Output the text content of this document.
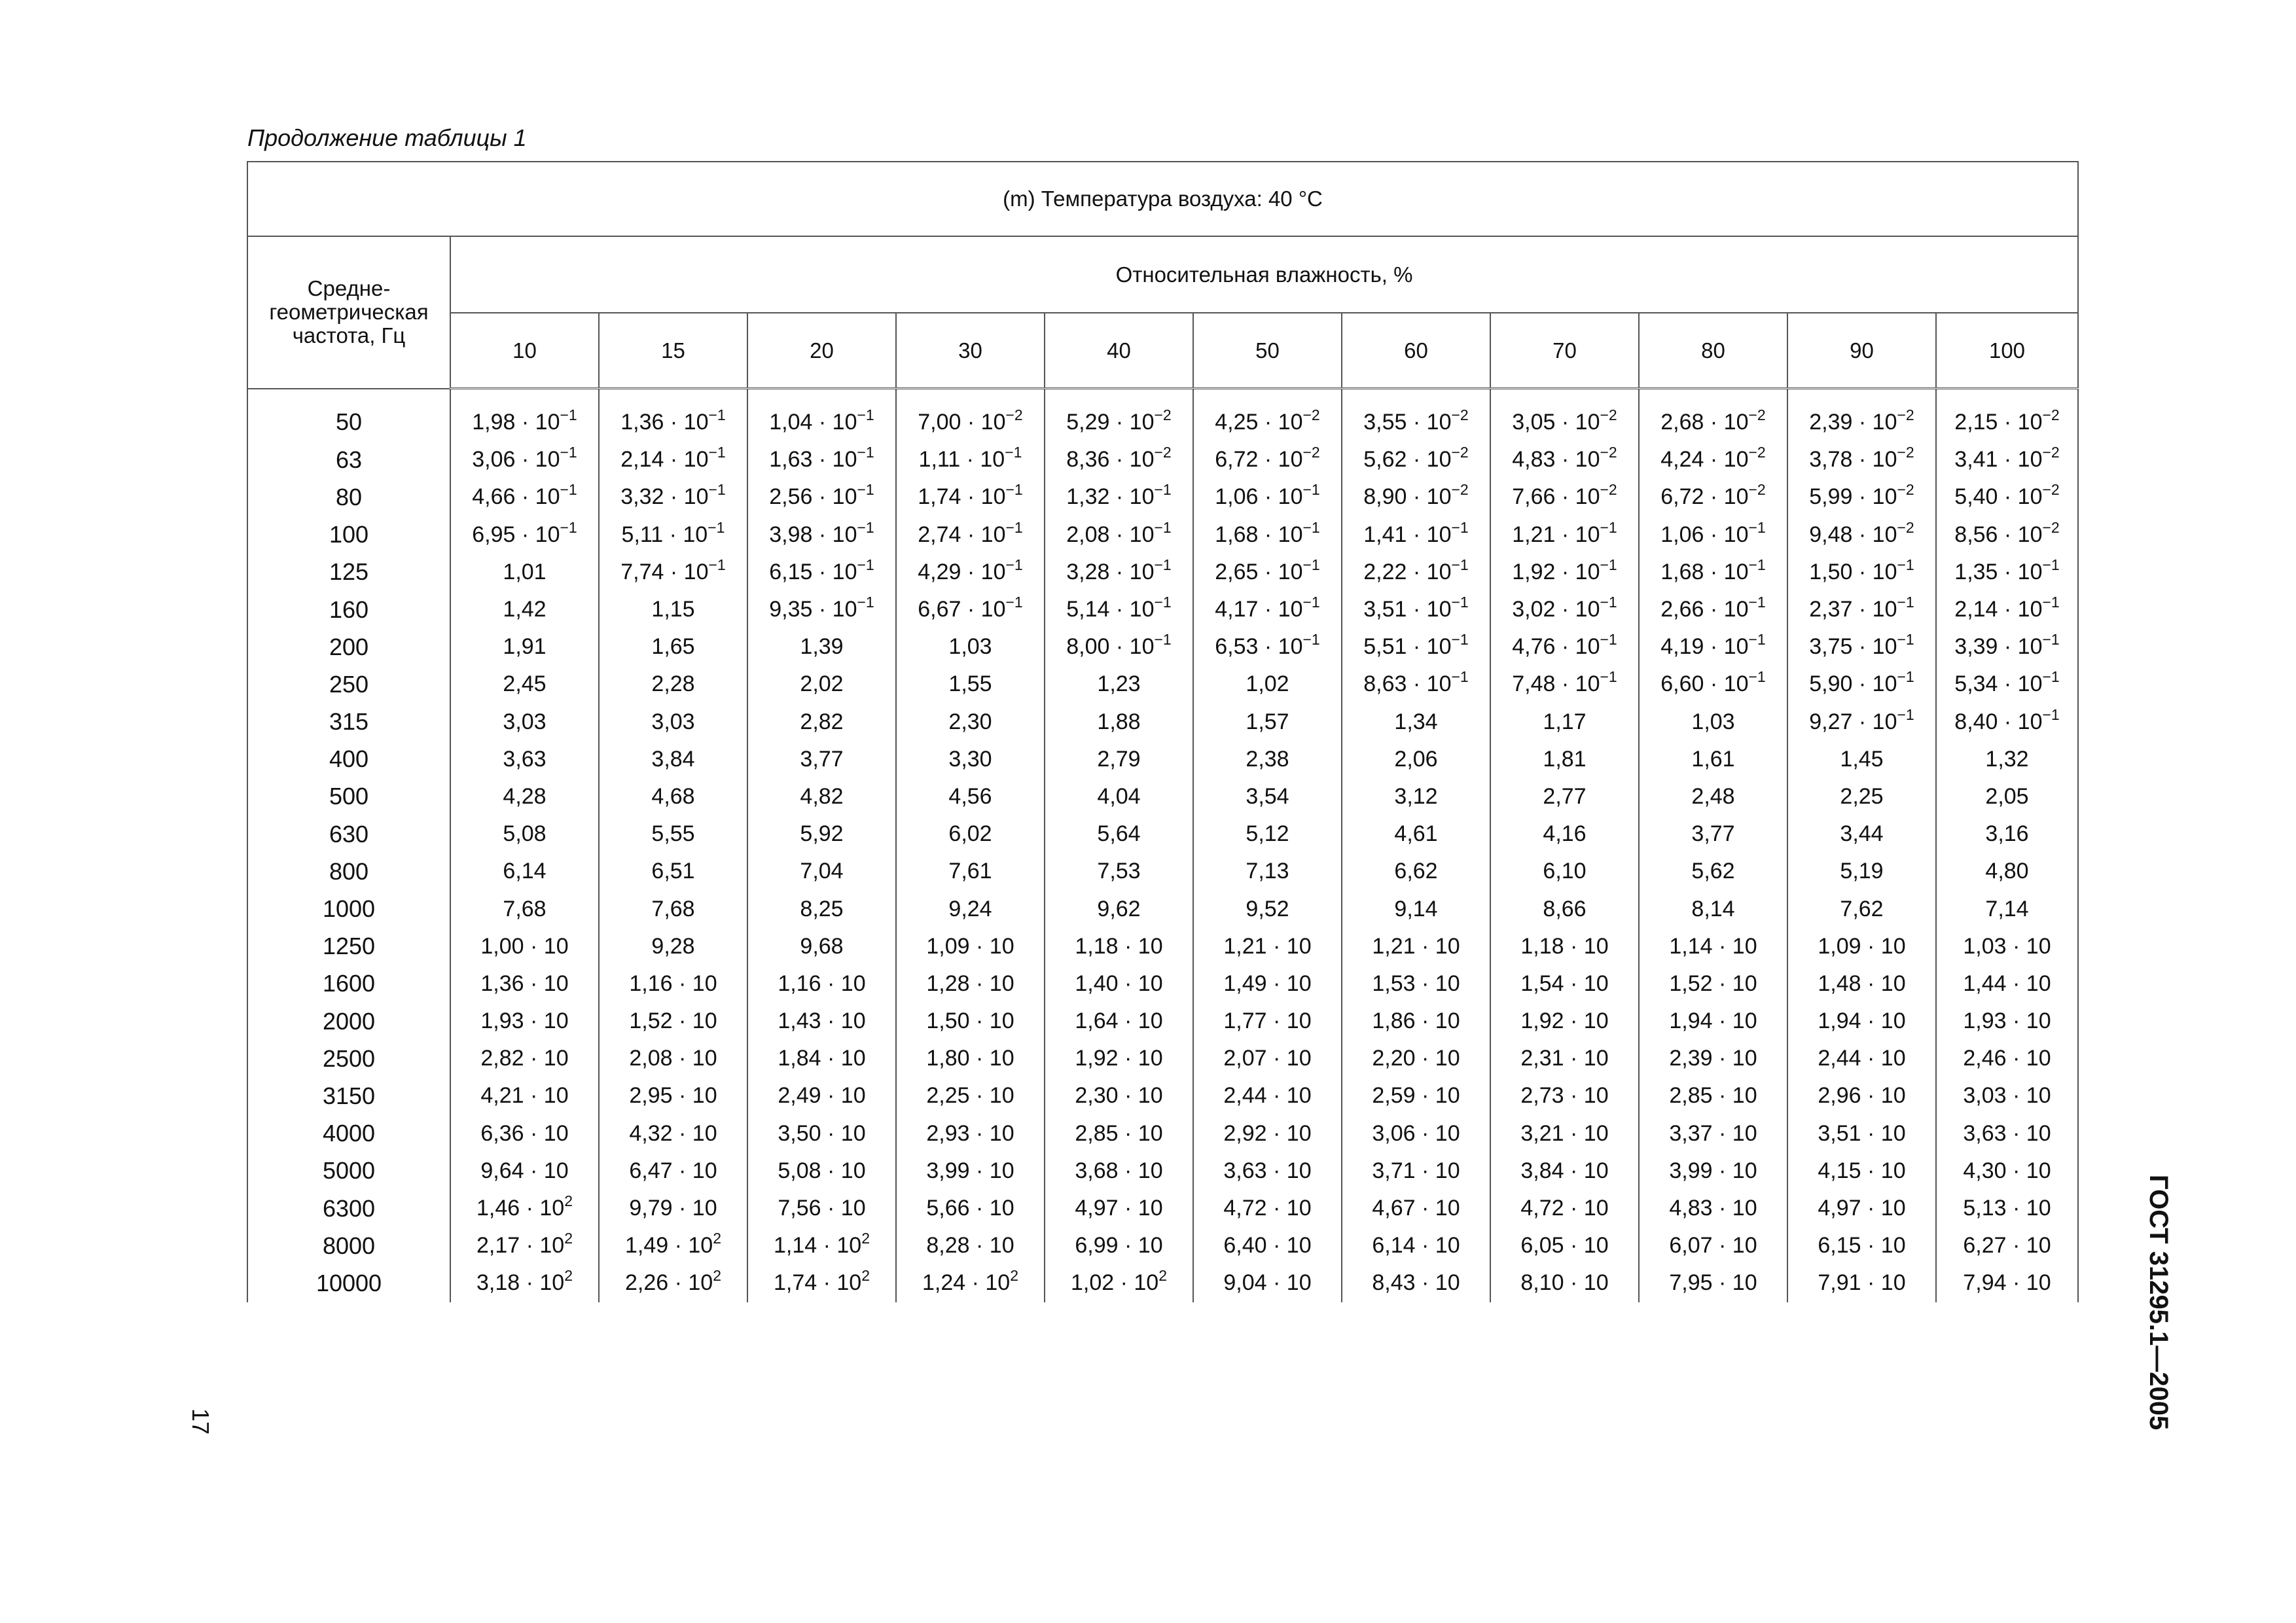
Продолжение таблицы 1

(m) Температура воздуха: 40 °С											
Средне-
геометрическая
частота, Гц	Относительная влажность, %										
	10	15	20	30	40	50	60	70	80	90	100
50	$1,98 \cdot 10^{-1}$	$1,36 \cdot 10^{-1}$	$1,04 \cdot 10^{-1}$	$7,00 \cdot 10^{-2}$	$5,29 \cdot 10^{-2}$	$4,25 \cdot 10^{-2}$	$3,55 \cdot 10^{-2}$	$3,05 \cdot 10^{-2}$	$2,68 \cdot 10^{-2}$	$2,39 \cdot 10^{-2}$	$2,15 \cdot 10^{-2}$
63	$3,06 \cdot 10^{-1}$	$2,14 \cdot 10^{-1}$	$1,63 \cdot 10^{-1}$	$1,11 \cdot 10^{-1}$	$8,36 \cdot 10^{-2}$	$6,72 \cdot 10^{-2}$	$5,62 \cdot 10^{-2}$	$4,83 \cdot 10^{-2}$	$4,24 \cdot 10^{-2}$	$3,78 \cdot 10^{-2}$	$3,41 \cdot 10^{-2}$
80	$4,66 \cdot 10^{-1}$	$3,32 \cdot 10^{-1}$	$2,56 \cdot 10^{-1}$	$1,74 \cdot 10^{-1}$	$1,32 \cdot 10^{-1}$	$1,06 \cdot 10^{-1}$	$8,90 \cdot 10^{-2}$	$7,66 \cdot 10^{-2}$	$6,72 \cdot 10^{-2}$	$5,99 \cdot 10^{-2}$	$5,40 \cdot 10^{-2}$
100	$6,95 \cdot 10^{-1}$	$5,11 \cdot 10^{-1}$	$3,98 \cdot 10^{-1}$	$2,74 \cdot 10^{-1}$	$2,08 \cdot 10^{-1}$	$1,68 \cdot 10^{-1}$	$1,41 \cdot 10^{-1}$	$1,21 \cdot 10^{-1}$	$1,06 \cdot 10^{-1}$	$9,48 \cdot 10^{-2}$	$8,56 \cdot 10^{-2}$
125	1,01	$7,74 \cdot 10^{-1}$	$6,15 \cdot 10^{-1}$	$4,29 \cdot 10^{-1}$	$3,28 \cdot 10^{-1}$	$2,65 \cdot 10^{-1}$	$2,22 \cdot 10^{-1}$	$1,92 \cdot 10^{-1}$	$1,68 \cdot 10^{-1}$	$1,50 \cdot 10^{-1}$	$1,35 \cdot 10^{-1}$
160	1,42	1,15	$9,35 \cdot 10^{-1}$	$6,67 \cdot 10^{-1}$	$5,14 \cdot 10^{-1}$	$4,17 \cdot 10^{-1}$	$3,51 \cdot 10^{-1}$	$3,02 \cdot 10^{-1}$	$2,66 \cdot 10^{-1}$	$2,37 \cdot 10^{-1}$	$2,14 \cdot 10^{-1}$
200	1,91	1,65	1,39	1,03	$8,00 \cdot 10^{-1}$	$6,53 \cdot 10^{-1}$	$5,51 \cdot 10^{-1}$	$4,76 \cdot 10^{-1}$	$4,19 \cdot 10^{-1}$	$3,75 \cdot 10^{-1}$	$3,39 \cdot 10^{-1}$
250	2,45	2,28	2,02	1,55	1,23	1,02	$8,63 \cdot 10^{-1}$	$7,48 \cdot 10^{-1}$	$6,60 \cdot 10^{-1}$	$5,90 \cdot 10^{-1}$	$5,34 \cdot 10^{-1}$
315	3,03	3,03	2,82	2,30	1,88	1,57	1,34	1,17	1,03	$9,27 \cdot 10^{-1}$	$8,40 \cdot 10^{-1}$
400	3,63	3,84	3,77	3,30	2,79	2,38	2,06	1,81	1,61	1,45	1,32
500	4,28	4,68	4,82	4,56	4,04	3,54	3,12	2,77	2,48	2,25	2,05
630	5,08	5,55	5,92	6,02	5,64	5,12	4,61	4,16	3,77	3,44	3,16
800	6,14	6,51	7,04	7,61	7,53	7,13	6,62	6,10	5,62	5,19	4,80
1000	7,68	7,68	8,25	9,24	9,62	9,52	9,14	8,66	8,14	7,62	7,14
1250	1,00 · 10	9,28	9,68	1,09 · 10	1,18 · 10	1,21 · 10	1,21 · 10	1,18 · 10	1,14 · 10	1,09 · 10	1,03 · 10
1600	1,36 · 10	1,16 · 10	1,16 · 10	1,28 · 10	1,40 · 10	1,49 · 10	1,53 · 10	1,54 · 10	1,52 · 10	1,48 · 10	1,44 · 10
2000	1,93 · 10	1,52 · 10	1,43 · 10	1,50 · 10	1,64 · 10	1,77 · 10	1,86 · 10	1,92 · 10	1,94 · 10	1,94 · 10	1,93 · 10
2500	2,82 · 10	2,08 · 10	1,84 · 10	1,80 · 10	1,92 · 10	2,07 · 10	2,20 · 10	2,31 · 10	2,39 · 10	2,44 · 10	2,46 · 10
3150	4,21 · 10	2,95 · 10	2,49 · 10	2,25 · 10	2,30 · 10	2,44 · 10	2,59 · 10	2,73 · 10	2,85 · 10	2,96 · 10	3,03 · 10
4000	6,36 · 10	4,32 · 10	3,50 · 10	2,93 · 10	2,85 · 10	2,92 · 10	3,06 · 10	3,21 · 10	3,37 · 10	3,51 · 10	3,63 · 10
5000	9,64 · 10	6,47 · 10	5,08 · 10	3,99 · 10	3,68 · 10	3,63 · 10	3,71 · 10	3,84 · 10	3,99 · 10	4,15 · 10	4,30 · 10
6300	$1,46 \cdot 10^2$	9,79 · 10	7,56 · 10	5,66 · 10	4,97 · 10	4,72 · 10	4,67 · 10	4,72 · 10	4,83 · 10	4,97 · 10	5,13 · 10
8000	$2,17 \cdot 10^2$	$1,49 \cdot 10^2$	$1,14 \cdot 10^2$	8,28 · 10	6,99 · 10	6,40 · 10	6,14 · 10	6,05 · 10	6,07 · 10	6,15 · 10	6,27 · 10
10000	$3,18 \cdot 10^2$	$2,26 \cdot 10^2$	$1,74 \cdot 10^2$	$1,24 \cdot 10^2$	$1,02 \cdot 10^2$	9,04 · 10	8,43 · 10	8,10 · 10	7,95 · 10	7,91 · 10	7,94 · 10	ГОСТ 31295.1—2005

17
